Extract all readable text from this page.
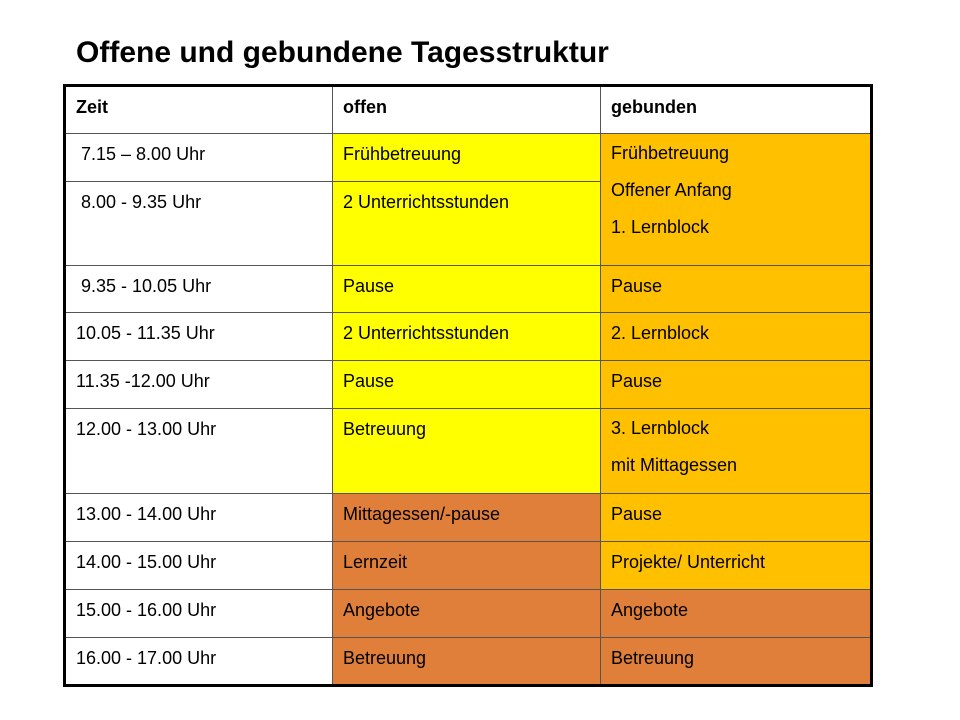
Offene und gebundene Tagesstruktur
Zeit	offen	gebunden
7.15 – 8.00 Uhr	Frühbetreuung	Frühbetreuung
Offener Anfang
1. Lernblock

8.00 - 9.35 Uhr	2 Unterrichtsstunden	
9.35 - 10.05 Uhr	Pause	Pause
10.05 - 11.35 Uhr	2 Unterrichtsstunden	2. Lernblock
11.35 -12.00 Uhr	Pause	Pause
12.00 - 13.00 Uhr	Betreuung	3. Lernblock
mit Mittagessen

13.00 - 14.00 Uhr	Mittagessen/-pause	Pause
14.00 - 15.00 Uhr	Lernzeit	Projekte/ Unterricht
15.00 - 16.00 Uhr	Angebote	Angebote
16.00 - 17.00 Uhr	Betreuung	Betreuung
